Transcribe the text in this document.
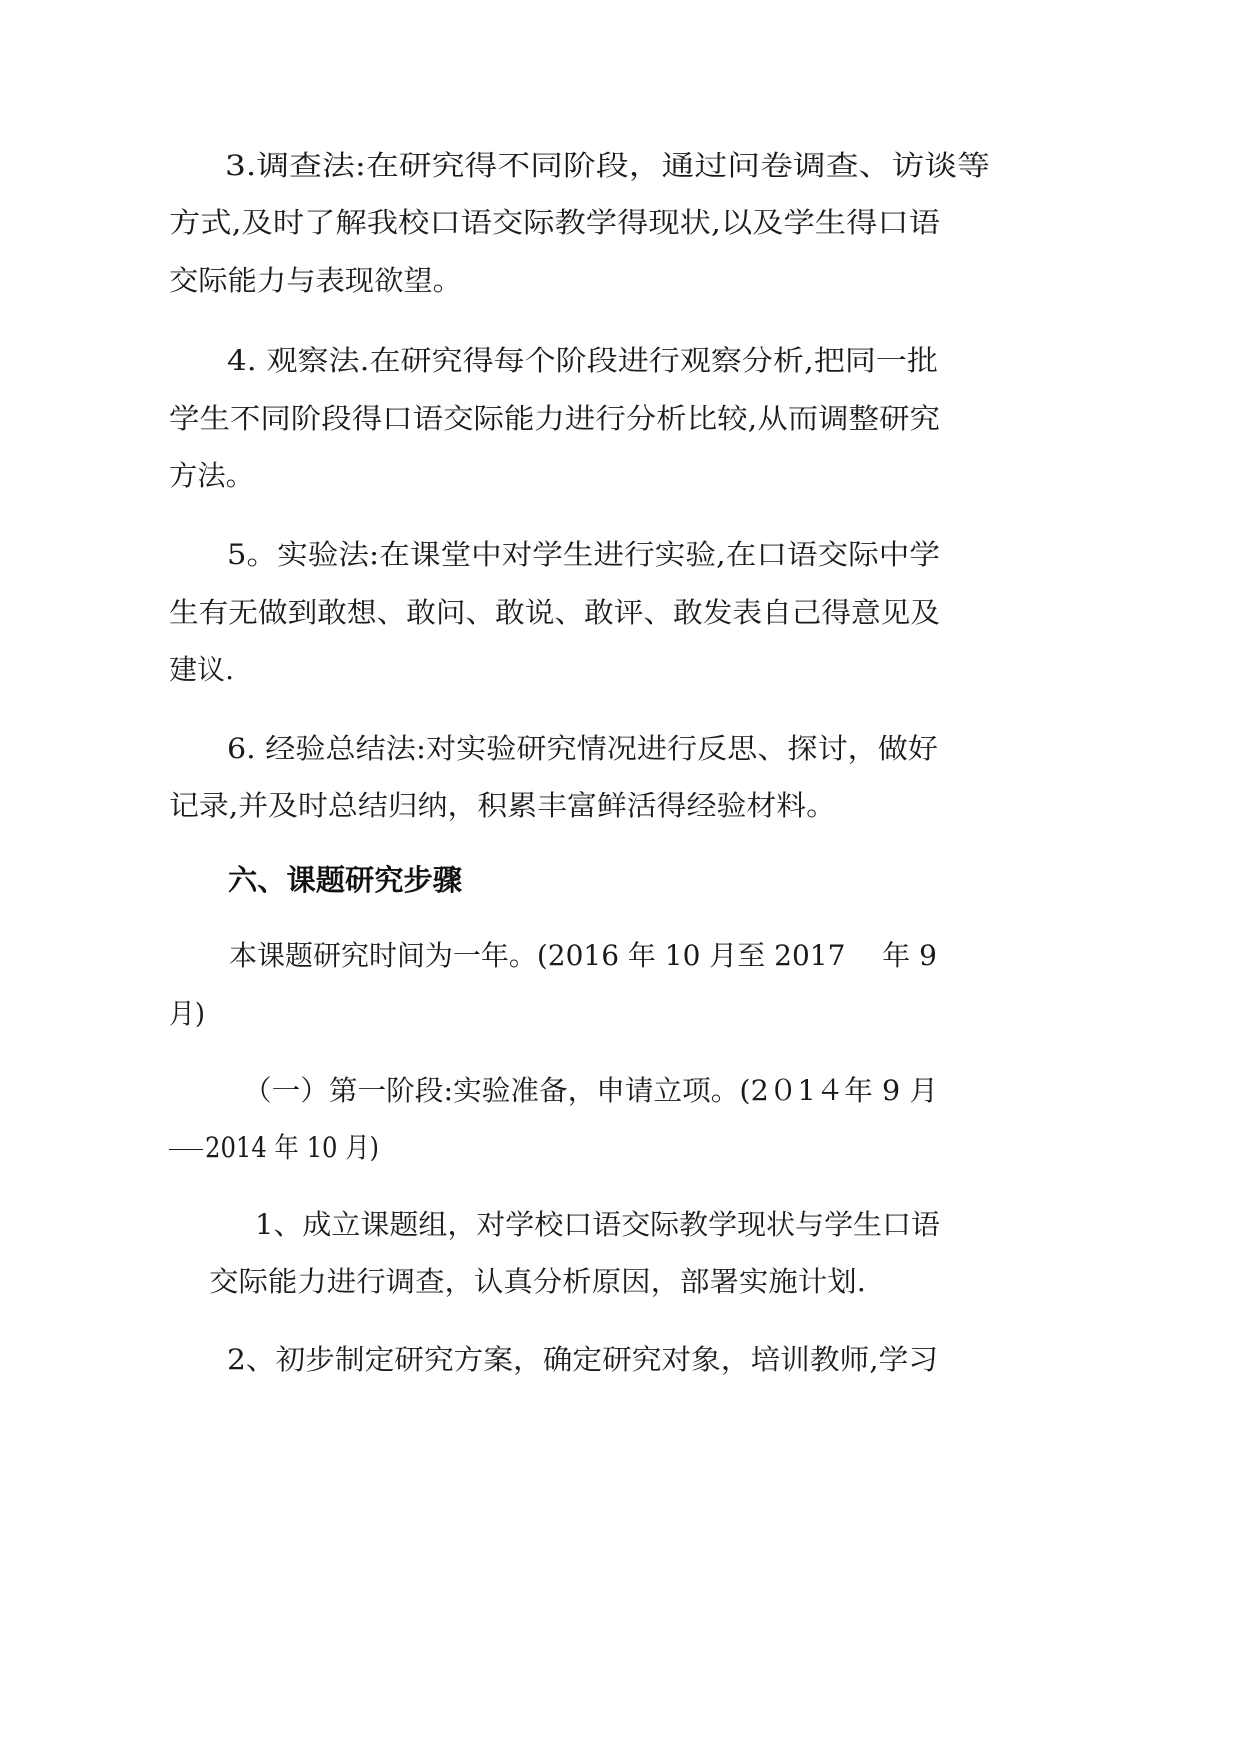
3.调查法:在研究得不同阶段，通过问卷调查、访谈等
方式,及时了解我校口语交际教学得现状,以及学生得口语
交际能力与表现欲望。
4. 观察法.在研究得每个阶段进行观察分析,把同一批
学生不同阶段得口语交际能力进行分析比较,从而调整研究
方法。
5。实验法:在课堂中对学生进行实验,在口语交际中学
生有无做到敢想、敢问、敢说、敢评、敢发表自己得意见及
建议.
6. 经验总结法:对实验研究情况进行反思、探讨，做好
记录,并及时总结归纳，积累丰富鲜活得经验材料。
六、课题研究步骤
本课题研究时间为一年。(2016 年 10 月至 2017　 年 9
月)
（一）第一阶段:实验准备，申请立项。(2０1４年 9 月
2014 年 10 月)
1、成立课题组，对学校口语交际教学现状与学生口语
交际能力进行调查，认真分析原因，部署实施计划.
2、初步制定研究方案，确定研究对象，培训教师,学习
